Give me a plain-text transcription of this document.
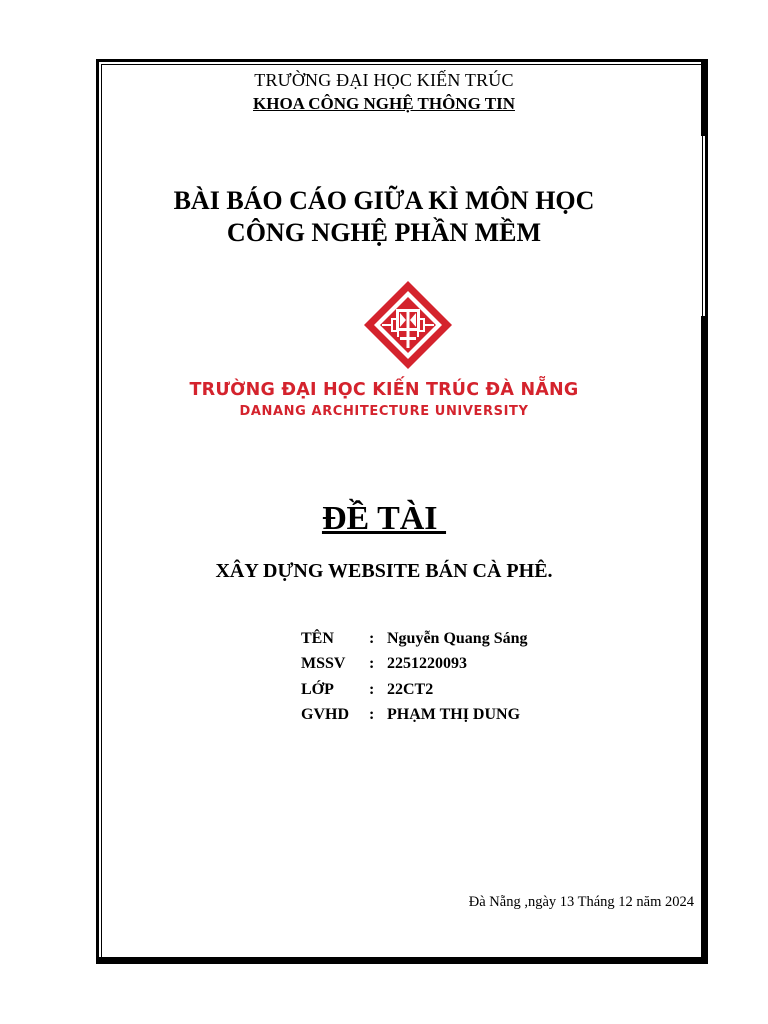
TRƯỜNG ĐẠI HỌC KIẾN TRÚC
KHOA CÔNG NGHỆ THÔNG TIN
BÀI BÁO CÁO GIỮA KÌ MÔN HỌC
CÔNG NGHỆ PHẦN MỀM
TRƯỜNG ĐẠI HỌC KIẾN TRÚC ĐÀ NẴNG
DANANG ARCHITECTURE UNIVERSITY
ĐỀ TÀI
XÂY DỰNG WEBSITE BÁN CÀ PHÊ.
TÊN	:	Nguyễn Quang Sáng
MSSV	:	2251220093
LỚP	:	22CT2
GVHD	:	PHẠM THỊ DUNG
Đà Nẵng ,ngày 13 Tháng 12 năm 2024
